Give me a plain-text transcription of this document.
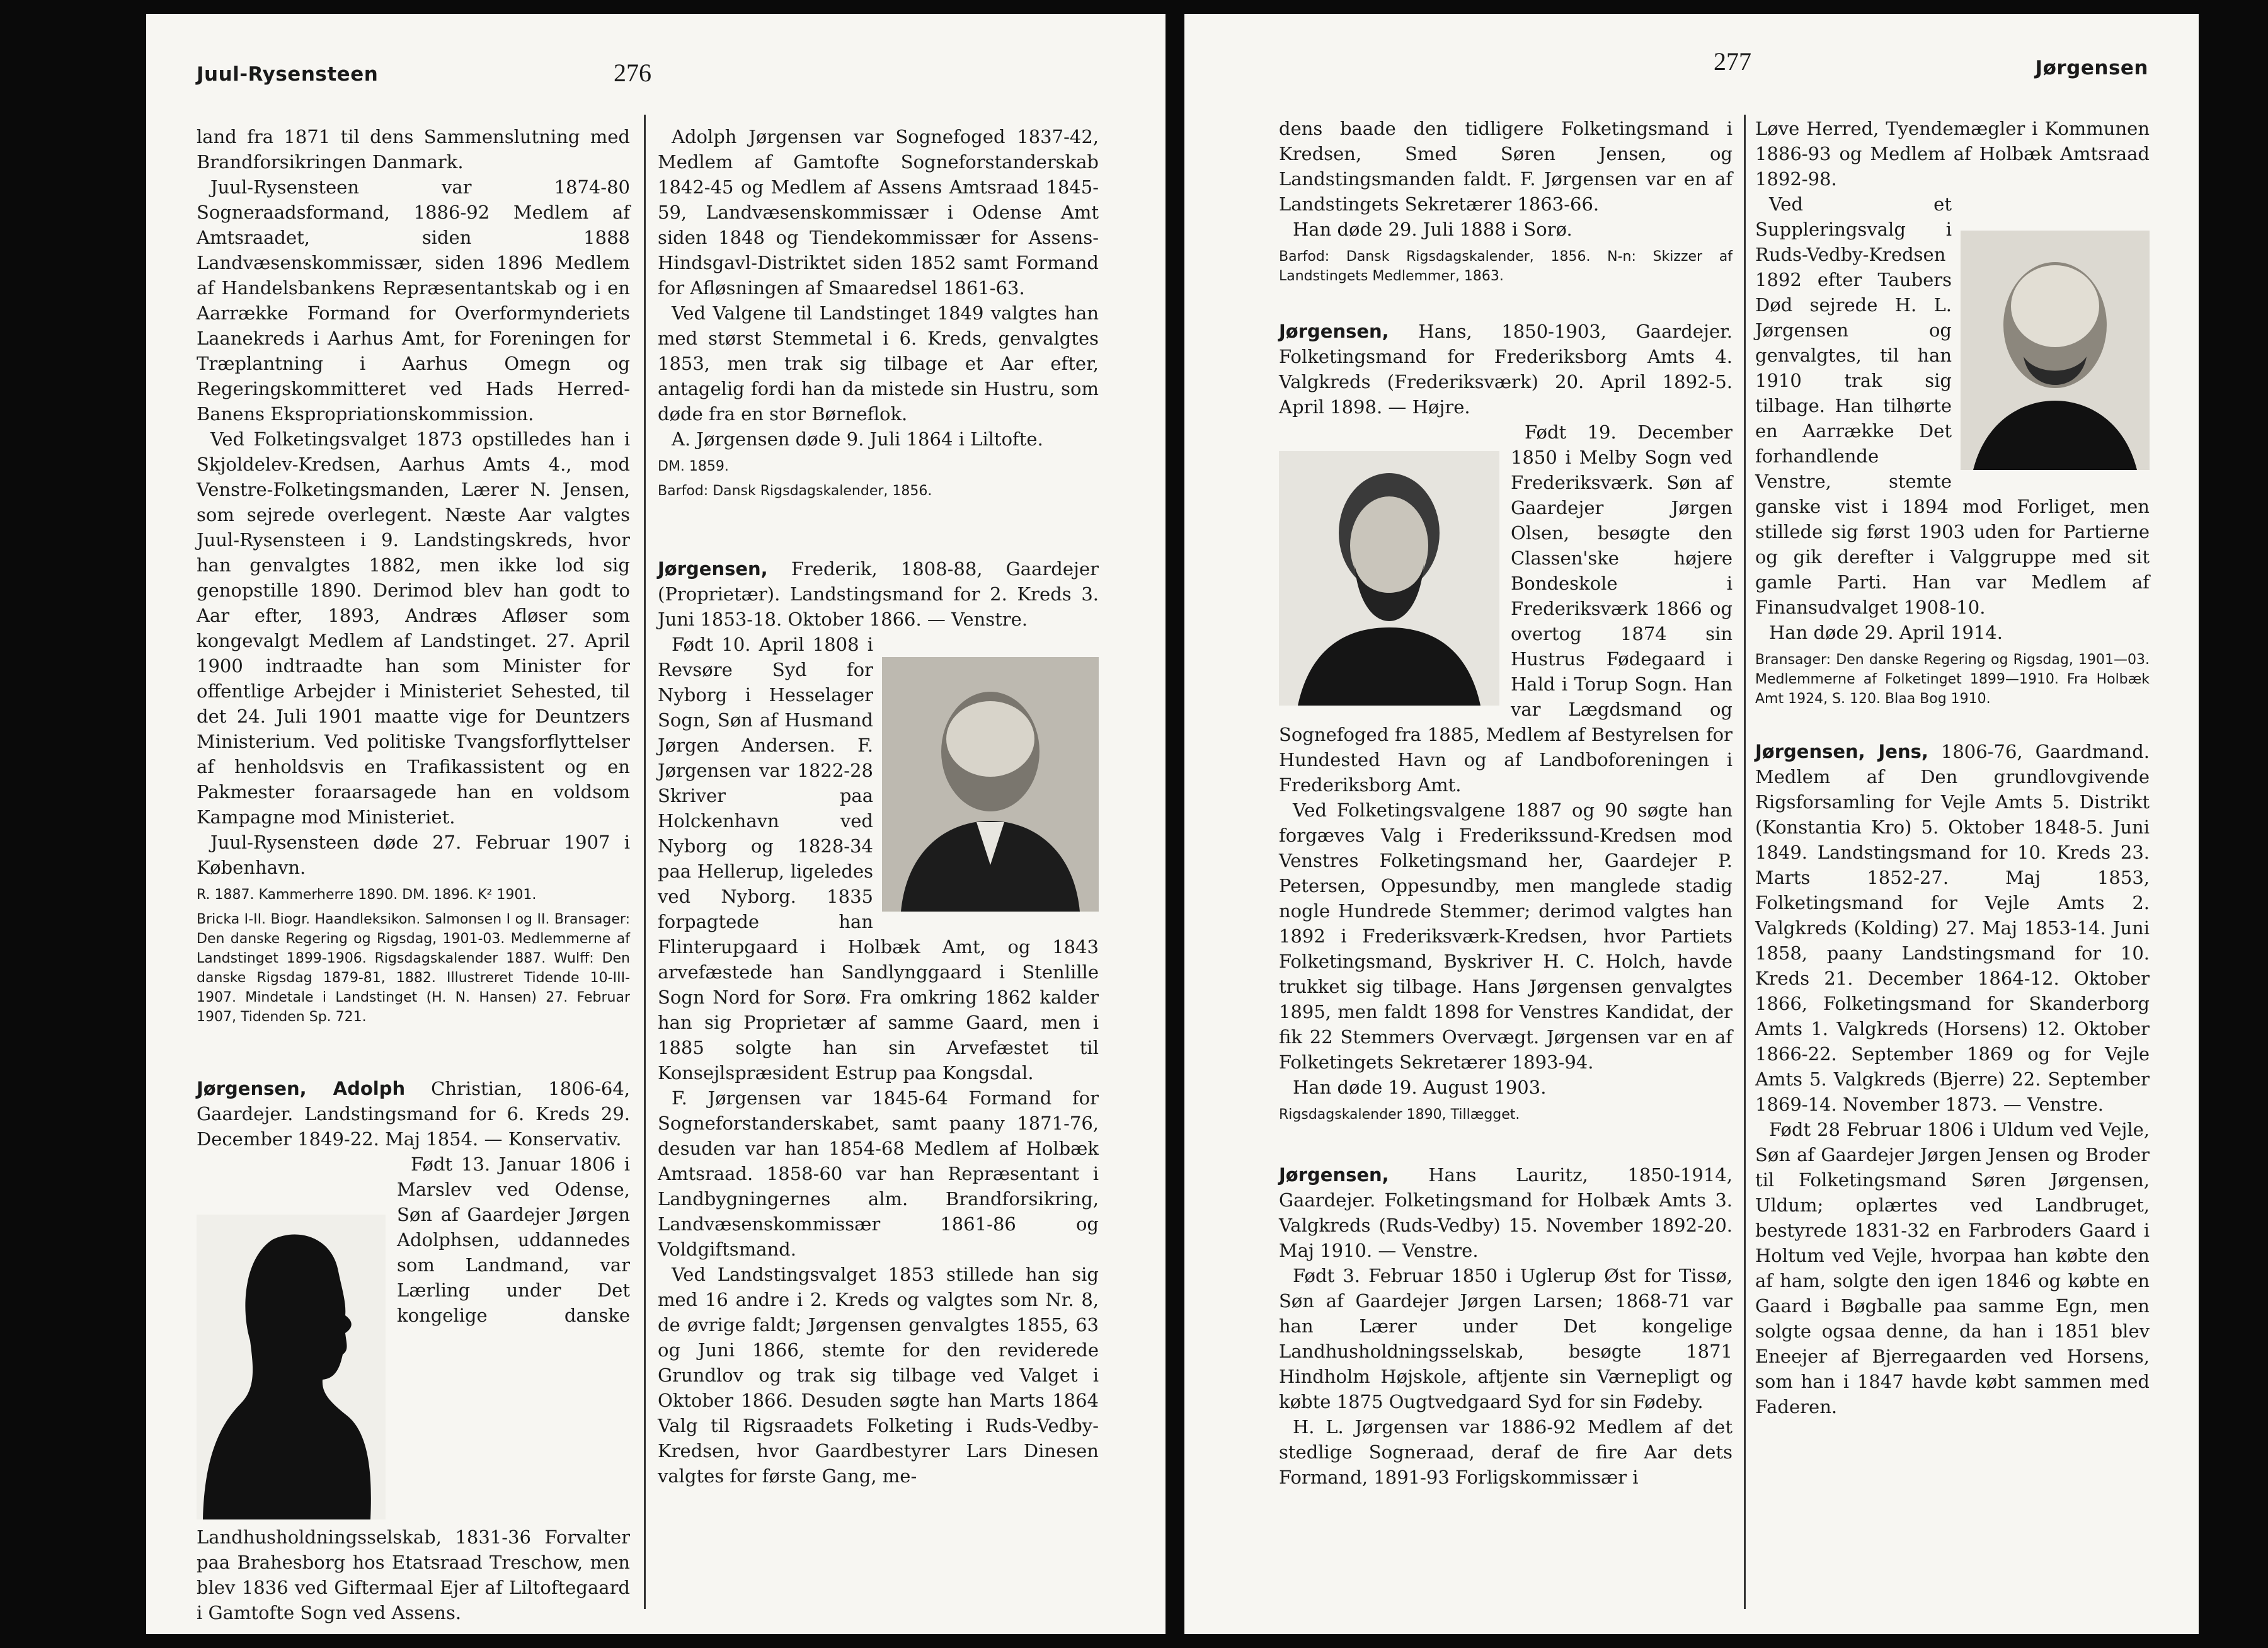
Juul-Rysensteen	276

land fra 1871 til dens Sammenslutning med Brandforsikringen Danmark.

Juul-Rysensteen var 1874-80 Sogneraadsformand, 1886-92 Medlem af Amtsraadet, siden 1888 Landvæsenskommissær, siden 1896 Medlem af Handelsbankens Repræsentantskab og i en Aarrække Formand for Overformynderiets Laanekreds i Aarhus Amt, for Foreningen for Træplantning i Aarhus Omegn og Regeringskommitteret ved Hads Herred-Banens Ekspropriationskommission.

Ved Folketingsvalget 1873 opstilledes han i Skjoldelev-Kredsen, Aarhus Amts 4., mod Venstre-Folketingsmanden, Lærer N. Jensen, som sejrede overlegent. Næste Aar valgtes Juul-Rysensteen i 9. Landstingskreds, hvor han genvalgtes 1882, men ikke lod sig genopstille 1890. Derimod blev han godt to Aar efter, 1893, Andræs Afløser som kongevalgt Medlem af Landstinget. 27. April 1900 indtraadte han som Minister for offentlige Arbejder i Ministeriet Sehested, til det 24. Juli 1901 maatte vige for Deuntzers Ministerium. Ved politiske Tvangsforflyttelser af henholdsvis en Trafikassistent og en Pakmester foraarsagede han en voldsom Kampagne mod Ministeriet.

Juul-Rysensteen døde 27. Februar 1907 i København.

R. 1887. Kammerherre 1890. DM. 1896. K² 1901.

Bricka I-II. Biogr. Haandleksikon. Salmonsen I og II. Bransager: Den danske Regering og Rigsdag, 1901-03. Medlemmerne af Landstinget 1899-1906. Rigsdagskalender 1887. Wulff: Den danske Rigsdag 1879-81, 1882. Illustreret Tidende 10-III-1907. Mindetale i Landstinget (H. N. Hansen) 27. Februar 1907, Tidenden Sp. 721.

Jørgensen, Adolph Christian, 1806-64, Gaardejer. Landstingsmand for 6. Kreds 29. December 1849-22. Maj 1854. — Konservativ.

Født 13. Januar 1806 i Marslev ved Odense, Søn af Gaardejer Jørgen Adolphsen, uddannedes som Landmand, var Lærling under Det kongelige danske Landhusholdningsselskab, 1831-36 Forvalter paa Brahesborg hos Etatsraad Treschow, men blev 1836 ved Giftermaal Ejer af Liltoftegaard i Gamtofte Sogn ved Assens.

Adolph Jørgensen var Sognefoged 1837-42, Medlem af Gamtofte Sogneforstanderskab 1842-45 og Medlem af Assens Amtsraad 1845-59, Landvæsenskommissær i Odense Amt siden 1848 og Tiendekommissær for Assens-Hindsgavl-Distriktet siden 1852 samt Formand for Afløsningen af Smaaredsel 1861-63.

Ved Valgene til Landstinget 1849 valgtes han med størst Stemmetal i 6. Kreds, genvalgtes 1853, men trak sig tilbage et Aar efter, antagelig fordi han da mistede sin Hustru, som døde fra en stor Børneflok.

A. Jørgensen døde 9. Juli 1864 i Liltofte.

DM. 1859.

Barfod: Dansk Rigsdagskalender, 1856.

Jørgensen, Frederik, 1808-88, Gaardejer (Proprietær). Landstingsmand for 2. Kreds 3. Juni 1853-18. Oktober 1866. — Venstre.

Født 10. April 1808 i Revsøre Syd for Nyborg i Hesselager Sogn, Søn af Husmand Jørgen Andersen. F. Jørgensen var 1822-28 Skriver paa Holckenhavn ved Nyborg og 1828-34 paa Hellerup, ligeledes ved Nyborg. 1835 forpagtede han Flinterupgaard i Holbæk Amt, og 1843 arvefæstede han Sandlynggaard i Stenlille Sogn Nord for Sorø. Fra omkring 1862 kalder han sig Proprietær af samme Gaard, men i 1885 solgte han sin Arvefæstet til Konsejlspræsident Estrup paa Kongsdal.

F. Jørgensen var 1845-64 Formand for Sogneforstanderskabet, samt paany 1871-76, desuden var han 1854-68 Medlem af Holbæk Amtsraad. 1858-60 var han Repræsentant i Landbygningernes alm. Brandforsikring, Landvæsenskommissær 1861-86 og Voldgiftsmand.

Ved Landstingsvalget 1853 stillede han sig med 16 andre i 2. Kreds og valgtes som Nr. 8, de øvrige faldt; Jørgensen genvalgtes 1855, 63 og Juni 1866, stemte for den reviderede Grundlov og trak sig tilbage ved Valget i Oktober 1866. Desuden søgte han Marts 1864 Valg til Rigsraadets Folketing i Ruds-Vedby-Kredsen, hvor Gaardbestyrer Lars Dinesen valgtes for første Gang, me-

277	Jørgensen

dens baade den tidligere Folketingsmand i Kredsen, Smed Søren Jensen, og Landstingsmanden faldt. F. Jørgensen var en af Landstingets Sekretærer 1863-66.

Han døde 29. Juli 1888 i Sorø.

Barfod: Dansk Rigsdagskalender, 1856. N-n: Skizzer af Landstingets Medlemmer, 1863.

Jørgensen, Hans, 1850-1903, Gaardejer. Folketingsmand for Frederiksborg Amts 4. Valgkreds (Frederiksværk) 20. April 1892-5. April 1898. — Højre.

Født 19. December 1850 i Melby Sogn ved Frederiksværk. Søn af Gaardejer Jørgen Olsen, besøgte den Classen'ske højere Bondeskole i Frederiksværk 1866 og overtog 1874 sin Hustrus Fødegaard i Hald i Torup Sogn. Han var Lægdsmand og Sognefoged fra 1885, Medlem af Bestyrelsen for Hundested Havn og af Landboforeningen i Frederiksborg Amt.

Ved Folketingsvalgene 1887 og 90 søgte han forgæves Valg i Frederikssund-Kredsen mod Venstres Folketingsmand her, Gaardejer P. Petersen, Oppesundby, men manglede stadig nogle Hundrede Stemmer; derimod valgtes han 1892 i Frederiksværk-Kredsen, hvor Partiets Folketingsmand, Byskriver H. C. Holch, havde trukket sig tilbage. Hans Jørgensen genvalgtes 1895, men faldt 1898 for Venstres Kandidat, der fik 22 Stemmers Overvægt. Jørgensen var en af Folketingets Sekretærer 1893-94.

Han døde 19. August 1903.

Rigsdagskalender 1890, Tillægget.

Jørgensen, Hans Lauritz, 1850-1914, Gaardejer. Folketingsmand for Holbæk Amts 3. Valgkreds (Ruds-Vedby) 15. November 1892-20. Maj 1910. — Venstre.

Født 3. Februar 1850 i Uglerup Øst for Tissø, Søn af Gaardejer Jørgen Larsen; 1868-71 var han Lærer under Det kongelige Landhusholdningsselskab, besøgte 1871 Hindholm Højskole, aftjente sin Værnepligt og købte 1875 Ougtvedgaard Syd for sin Fødeby.

H. L. Jørgensen var 1886-92 Medlem af det stedlige Sogneraad, deraf de fire Aar dets Formand, 1891-93 Forligskommissær i

Løve Herred, Tyendemægler i Kommunen 1886-93 og Medlem af Holbæk Amtsraad 1892-98.

Ved et Suppleringsvalg i Ruds-Vedby-Kredsen 1892 efter Taubers Død sejrede H. L. Jørgensen og genvalgtes, til han 1910 trak sig tilbage. Han tilhørte en Aarrække Det forhandlende Venstre, stemte ganske vist i 1894 mod Forliget, men stillede sig først 1903 uden for Partierne og gik derefter i Valggruppe med sit gamle Parti. Han var Medlem af Finansudvalget 1908-10.

Han døde 29. April 1914.

Bransager: Den danske Regering og Rigsdag, 1901—03. Medlemmerne af Folketinget 1899—1910. Fra Holbæk Amt 1924, S. 120. Blaa Bog 1910.

Jørgensen, Jens, 1806-76, Gaardmand. Medlem af Den grundlovgivende Rigsforsamling for Vejle Amts 5. Distrikt (Konstantia Kro) 5. Oktober 1848-5. Juni 1849. Landstingsmand for 10. Kreds 23. Marts 1852-27. Maj 1853, Folketingsmand for Vejle Amts 2. Valgkreds (Kolding) 27. Maj 1853-14. Juni 1858, paany Landstingsmand for 10. Kreds 21. December 1864-12. Oktober 1866, Folketingsmand for Skanderborg Amts 1. Valgkreds (Horsens) 12. Oktober 1866-22. September 1869 og for Vejle Amts 5. Valgkreds (Bjerre) 22. September 1869-14. November 1873. — Venstre.

Født 28 Februar 1806 i Uldum ved Vejle, Søn af Gaardejer Jørgen Jensen og Broder til Folketingsmand Søren Jørgensen, Uldum; oplærtes ved Landbruget, bestyrede 1831-32 en Farbroders Gaard i Holtum ved Vejle, hvorpaa han købte den af ham, solgte den igen 1846 og købte en Gaard i Bøgballe paa samme Egn, men solgte ogsaa denne, da han i 1851 blev Eneejer af Bjerregaarden ved Horsens, som han i 1847 havde købt sammen med Faderen.
